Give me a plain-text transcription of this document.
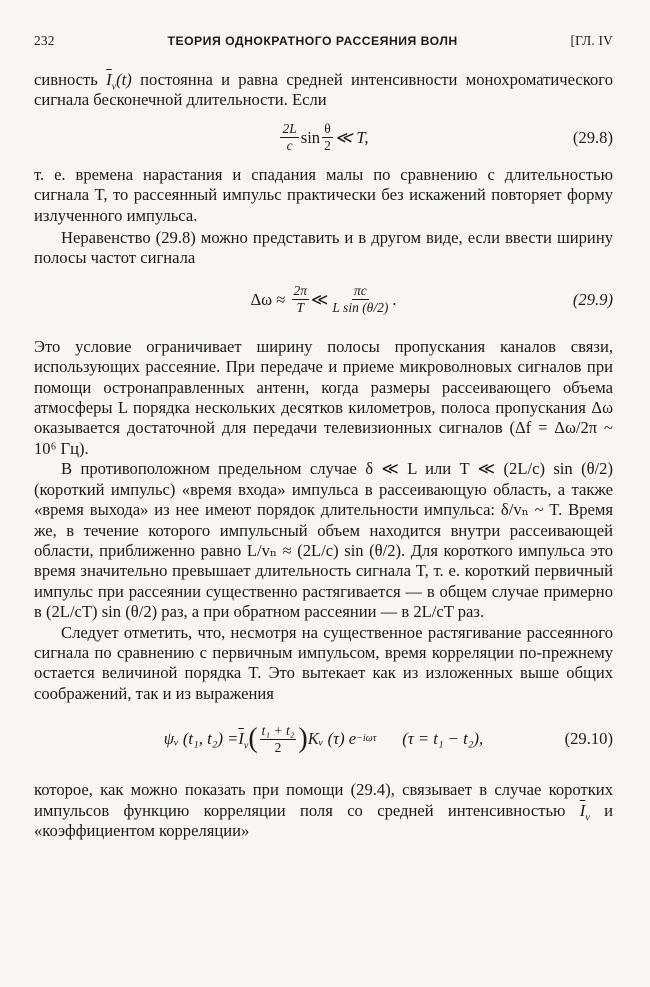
232	ТЕОРИЯ ОДНОКРАТНОГО РАССЕЯНИЯ ВОЛН	[ГЛ. IV

сивность $\overline{I}_v(t)$ постоянна и равна средней интенсивности монохроматического сигнала бесконечной длительности. Если

$\frac{2L}{c}$ $\sin \frac{\theta}{2}$ ≪ T,	(29.8)

т. е. времена нарастания и спадания малы по сравнению с длительностью сигнала T, то рассеянный импульс практически без искажений повторяет форму излученного импульса.

Неравенство (29.8) можно представить и в другом виде, если ввести ширину полосы частот сигнала

Δω ≈
$\frac{2\pi}{T}$ ≪ $\frac{\pi c}{\text{L sin (θ/2)}}$ .	(29.9)

Это условие ограничивает ширину полосы пропускания каналов связи, использующих рассеяние. При передаче и приеме микроволновых сигналов при помощи остронаправленных антенн, когда размеры рассеивающего объема атмосферы L порядка нескольких десятков километров, полоса пропускания Δω оказывается достаточной для передачи телевизионных сигналов (Δf = Δω/2π ~ 10⁶ Гц).

В противоположном предельном случае δ ≪ L или T ≪ (2L/c) sin (θ/2) (короткий импульс) «время входа» импульса в рассеивающую область, а также «время выхода» из нее имеют порядок длительности импульса: δ/vₙ ~ T. Время же, в течение которого импульсный объем находится внутри рассеивающей области, приближенно равно L/vₙ ≈ (2L/c) sin (θ/2). Для короткого импульса это время значительно превышает длительность сигнала T, т. е. короткий первичный импульс при рассеянии существенно растягивается — в общем случае примерно в (2L/cT) sin (θ/2) раз, а при обратном рассеянии — в 2L/cT раз.

Следует отметить, что, несмотря на существенное растягивание рассеянного сигнала по сравнению с первичным импульсом, время корреляции по-прежнему остается величиной порядка T. Это вытекает как из изложенных выше общих соображений, так и из выражения

ψᵥ (t₁, $t_2) = \overline{I}_v$ ( $\frac{\text{t₁ + t₂}}{2}$ ) Kᵥ (τ) e −iωτ (τ = t₁ − t₂),	(29.10)

которое, как можно показать при помощи (29.4), связывает в случае коротких импульсов функцию корреляции поля со средней интенсивностью $\overline{I}_v$ и «коэффициентом корреляции»
